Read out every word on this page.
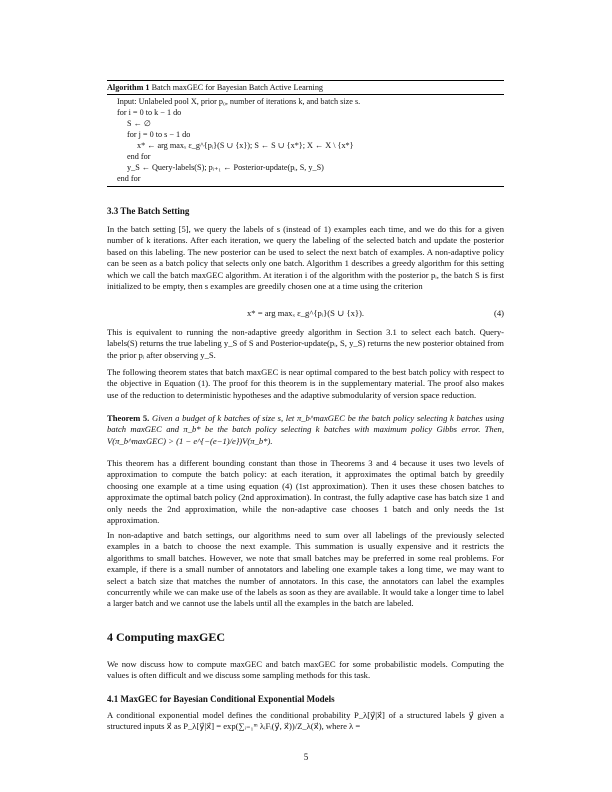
Algorithm 1 Batch maxGEC for Bayesian Batch Active Learning
Input: Unlabeled pool X, prior p₀, number of iterations k, and batch size s.
for i = 0 to k − 1 do
S ← ∅
for j = 0 to s − 1 do
x* ← arg maxₓ ε_g^{pᵢ}(S ∪ {x}); S ← S ∪ {x*}; X ← X \ {x*}
end for
y_S ← Query-labels(S); pᵢ₊₁ ← Posterior-update(pᵢ, S, y_S)
end for
3.3 The Batch Setting
In the batch setting [5], we query the labels of s (instead of 1) examples each time, and we do this for a given number of k iterations. After each iteration, we query the labeling of the selected batch and update the posterior based on this labeling. The new posterior can be used to select the next batch of examples. A non-adaptive policy can be seen as a batch policy that selects only one batch. Algorithm 1 describes a greedy algorithm for this setting which we call the batch maxGEC algorithm. At iteration i of the algorithm with the posterior pᵢ, the batch S is first initialized to be empty, then s examples are greedily chosen one at a time using the criterion
x* = arg maxₓ ε_g^{pᵢ}(S ∪ {x}).	(4)
This is equivalent to running the non-adaptive greedy algorithm in Section 3.1 to select each batch. Query-labels(S) returns the true labeling y_S of S and Posterior-update(pᵢ, S, y_S) returns the new posterior obtained from the prior pᵢ after observing y_S.
The following theorem states that batch maxGEC is near optimal compared to the best batch policy with respect to the objective in Equation (1). The proof for this theorem is in the supplementary material. The proof also makes use of the reduction to deterministic hypotheses and the adaptive submodularity of version space reduction.
Theorem 5. Given a budget of k batches of size s, let π_b^maxGEC be the batch policy selecting k batches using batch maxGEC and π_b* be the batch policy selecting k batches with maximum policy Gibbs error. Then, V(π_b^maxGEC) > (1 − e^{−(e−1)/e})V(π_b*).
This theorem has a different bounding constant than those in Theorems 3 and 4 because it uses two levels of approximation to compute the batch policy: at each iteration, it approximates the optimal batch by greedily choosing one example at a time using equation (4) (1st approximation). Then it uses these chosen batches to approximate the optimal batch policy (2nd approximation). In contrast, the fully adaptive case has batch size 1 and only needs the 2nd approximation, while the non-adaptive case chooses 1 batch and only needs the 1st approximation.
In non-adaptive and batch settings, our algorithms need to sum over all labelings of the previously selected examples in a batch to choose the next example. This summation is usually expensive and it restricts the algorithms to small batches. However, we note that small batches may be preferred in some real problems. For example, if there is a small number of annotators and labeling one example takes a long time, we may want to select a batch size that matches the number of annotators. In this case, the annotators can label the examples concurrently while we can make use of the labels as soon as they are available. It would take a longer time to label a larger batch and we cannot use the labels until all the examples in the batch are labeled.
4 Computing maxGEC
We now discuss how to compute maxGEC and batch maxGEC for some probabilistic models. Computing the values is often difficult and we discuss some sampling methods for this task.
4.1 MaxGEC for Bayesian Conditional Exponential Models
A conditional exponential model defines the conditional probability P_λ[y⃗|x⃗] of a structured labels y⃗ given a structured inputs x⃗ as P_λ[y⃗|x⃗] = exp(∑ᵢ₌₁ᵐ λᵢFᵢ(y⃗, x⃗))/Z_λ(x⃗), where λ =
5
